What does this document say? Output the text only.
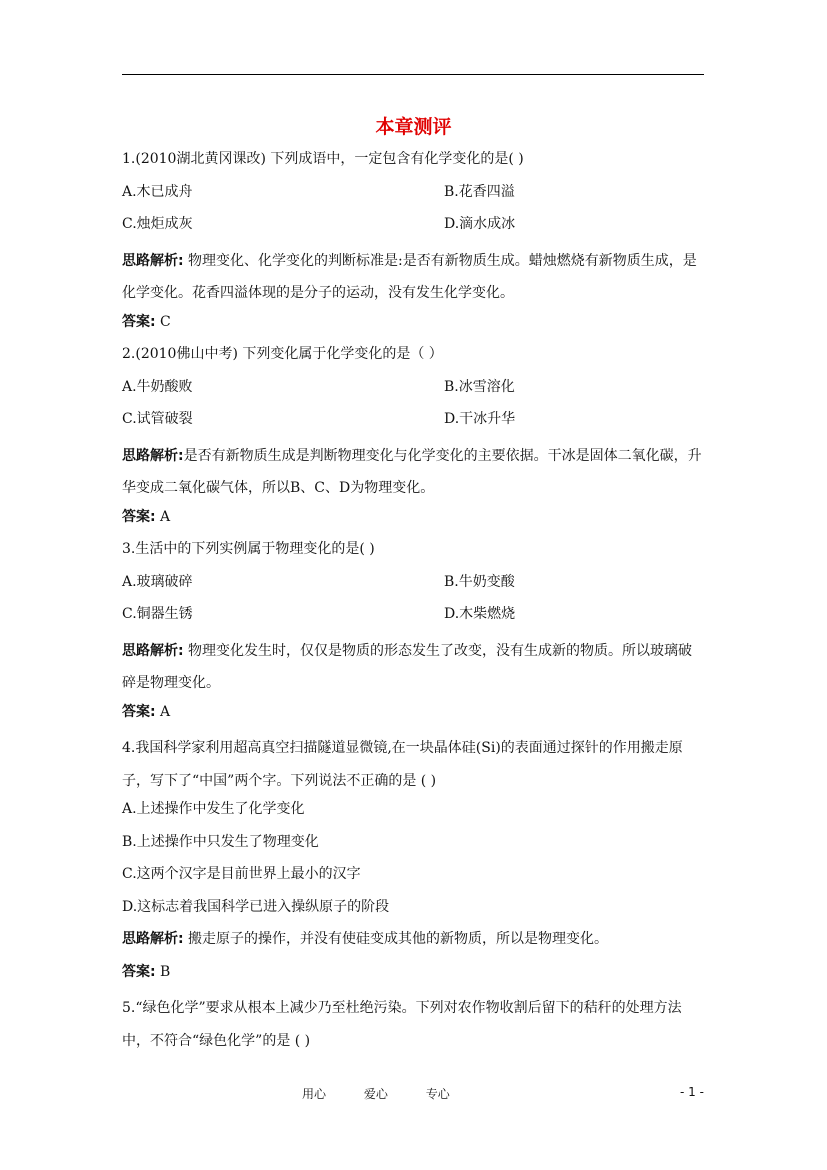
本章测评
1.(2010湖北黄冈课改) 下列成语中，一定包含有化学变化的是( )
A.木已成舟	B.花香四溢
C.烛炬成灰	D.滴水成冰
思路解析: 物理变化、化学变化的判断标准是:是否有新物质生成。蜡烛燃烧有新物质生成，是化学变化。花香四溢体现的是分子的运动，没有发生化学变化。
答案: C
2.(2010佛山中考) 下列变化属于化学变化的是（ ）
A.牛奶酸败	B.冰雪溶化
C.试管破裂	D.干冰升华
思路解析:是否有新物质生成是判断物理变化与化学变化的主要依据。干冰是固体二氧化碳，升华变成二氧化碳气体，所以B、C、D为物理变化。
答案: A
3.生活中的下列实例属于物理变化的是( )
A.玻璃破碎	B.牛奶变酸
C.铜器生锈	D.木柴燃烧
思路解析: 物理变化发生时，仅仅是物质的形态发生了改变，没有生成新的物质。所以玻璃破碎是物理变化。
答案: A
4.我国科学家利用超高真空扫描隧道显微镜,在一块晶体硅(Si)的表面通过探针的作用搬走原子，写下了“中国”两个字。下列说法不正确的是 ( )
A.上述操作中发生了化学变化
B.上述操作中只发生了物理变化
C.这两个汉字是目前世界上最小的汉字
D.这标志着我国科学已进入操纵原子的阶段
思路解析: 搬走原子的操作，并没有使硅变成其他的新物质，所以是物理变化。
答案: B
5.“绿色化学”要求从根本上减少乃至杜绝污染。下列对农作物收割后留下的秸秆的处理方法中，不符合“绿色化学”的是 ( )
用心	爱心	专心	- 1 -
